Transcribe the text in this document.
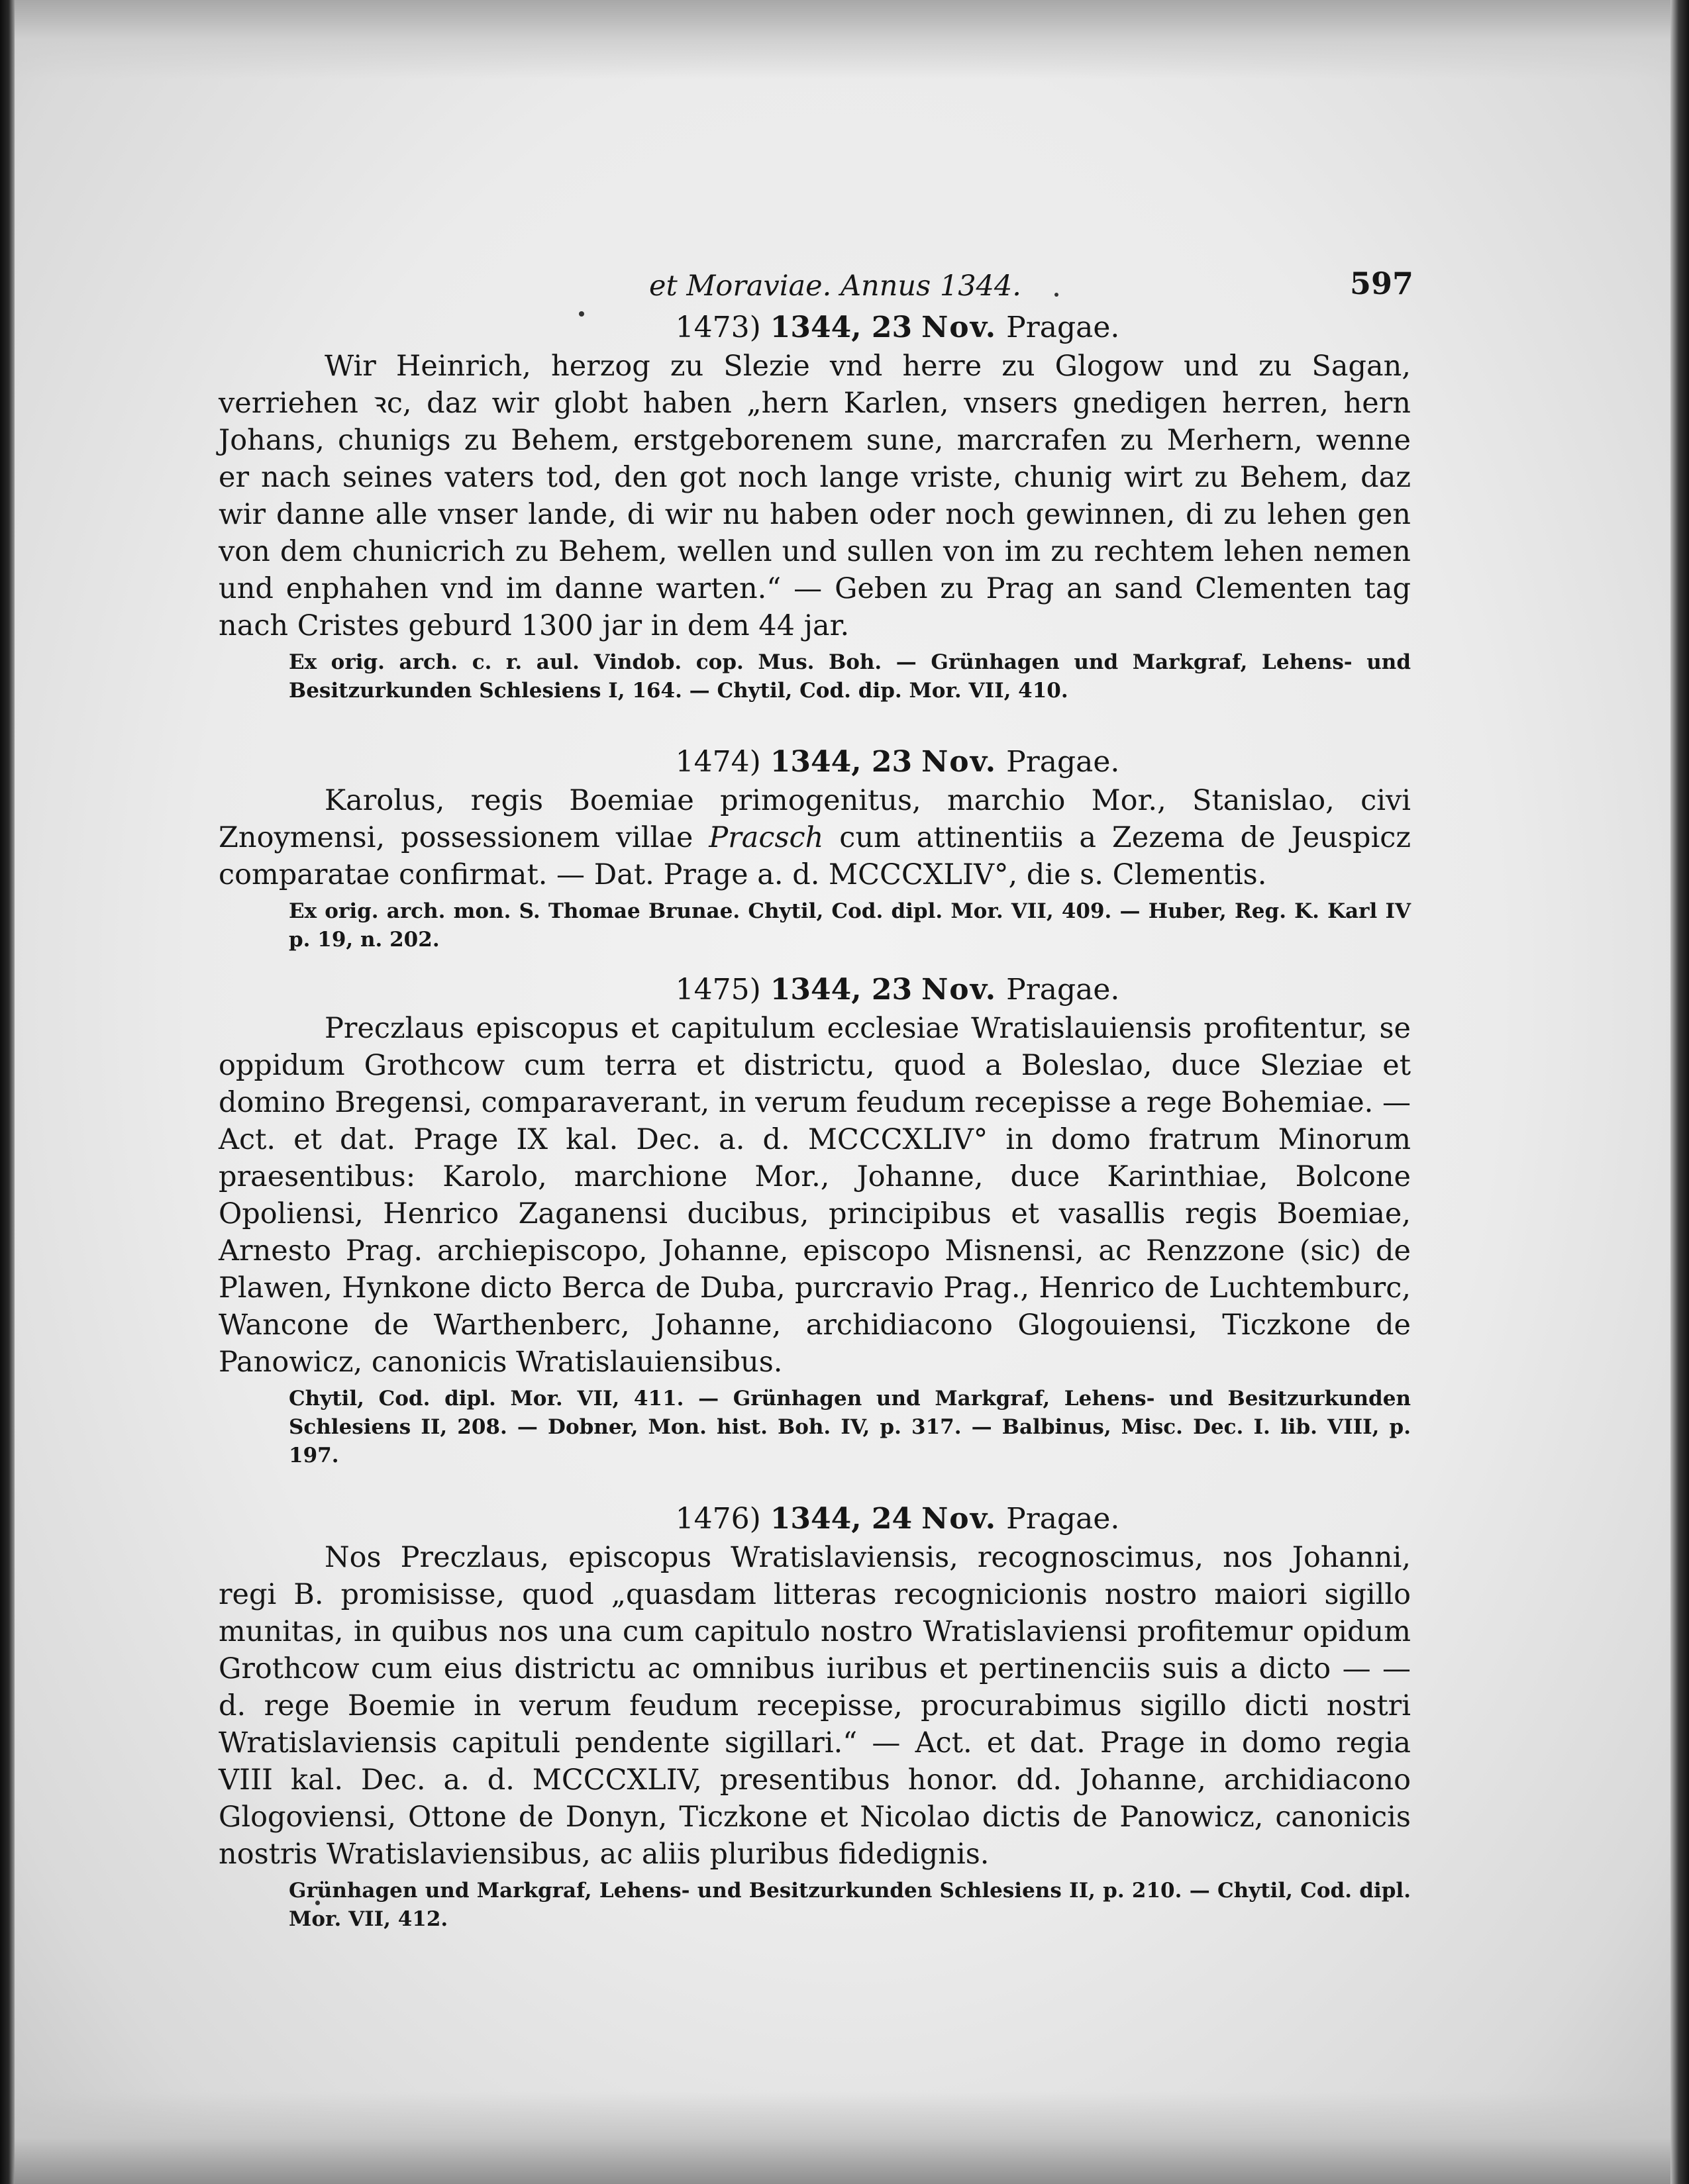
et Moraviae. Annus 1344.	597
1473) 1344, 23 Nov. Pragae.

Wir Heinrich, herzog zu Slezie vnd herre zu Glogow und zu Sagan, verriehen ꝛc, daz wir globt haben „hern Karlen, vnsers gnedigen herren, hern Johans, chunigs zu Behem, erstgeborenem sune, marcrafen zu Merhern, wenne er nach seines vaters tod, den got noch lange vriste, chunig wirt zu Behem, daz wir danne alle vnser lande, di wir nu haben oder noch gewinnen, di zu lehen gen von dem chunicrich zu Behem, wellen und sullen von im zu rechtem lehen nemen und enphahen vnd im danne warten.“ — Geben zu Prag an sand Clementen tag nach Cristes geburd 1300 jar in dem 44 jar.

Ex orig. arch. c. r. aul. Vindob. cop. Mus. Boh. — Grünhagen und Markgraf, Lehens- und Besitzurkunden Schlesiens I, 164. — Chytil, Cod. dip. Mor. VII, 410.

1474) 1344, 23 Nov. Pragae.

Karolus, regis Boemiae primogenitus, marchio Mor., Stanislao, civi Znoymensi, possessionem villae Pracsch cum attinentiis a Zezema de Jeuspicz comparatae confirmat. — Dat. Prage a. d. MCCCXLIV°, die s. Clementis.

Ex orig. arch. mon. S. Thomae Brunae. Chytil, Cod. dipl. Mor. VII, 409. — Huber, Reg. K. Karl IV p. 19, n. 202.

1475) 1344, 23 Nov. Pragae.

Preczlaus episcopus et capitulum ecclesiae Wratislauiensis profitentur, se oppidum Grothcow cum terra et districtu, quod a Boleslao, duce Sleziae et domino Bregensi, comparaverant, in verum feudum recepisse a rege Bohemiae. — Act. et dat. Prage IX kal. Dec. a. d. MCCCXLIV° in domo fratrum Minorum praesentibus: Karolo, marchione Mor., Johanne, duce Karinthiae, Bolcone Opoliensi, Henrico Zaganensi ducibus, principibus et vasallis regis Boemiae, Arnesto Prag. archiepiscopo, Johanne, episcopo Misnensi, ac Renzzone (sic) de Plawen, Hynkone dicto Berca de Duba, purcravio Prag., Henrico de Luchtemburc, Wancone de Warthenberc, Johanne, archidiacono Glogouiensi, Ticzkone de Panowicz, canonicis Wratislauiensibus.

Chytil, Cod. dipl. Mor. VII, 411. — Grünhagen und Markgraf, Lehens- und Besitzurkunden Schlesiens II, 208. — Dobner, Mon. hist. Boh. IV, p. 317. — Balbinus, Misc. Dec. I. lib. VIII, p. 197.

1476) 1344, 24 Nov. Pragae.

Nos Preczlaus, episcopus Wratislaviensis, recognoscimus, nos Johanni, regi B. promisisse, quod „quasdam litteras recognicionis nostro maiori sigillo munitas, in quibus nos una cum capitulo nostro Wratislaviensi profitemur opidum Grothcow cum eius districtu ac omnibus iuribus et pertinenciis suis a dicto — — d. rege Boemie in verum feudum recepisse, procurabimus sigillo dicti nostri Wratislaviensis capituli pendente sigillari.“ — Act. et dat. Prage in domo regia VIII kal. Dec. a. d. MCCCXLIV, presentibus honor. dd. Johanne, archidiacono Glogoviensi, Ottone de Donyn, Ticzkone et Nicolao dictis de Panowicz, canonicis nostris Wratislaviensibus, ac aliis pluribus fidedignis.

Grünhagen und Markgraf, Lehens- und Besitzurkunden Schlesiens II, p. 210. — Chytil, Cod. dipl. Mor. VII, 412.
